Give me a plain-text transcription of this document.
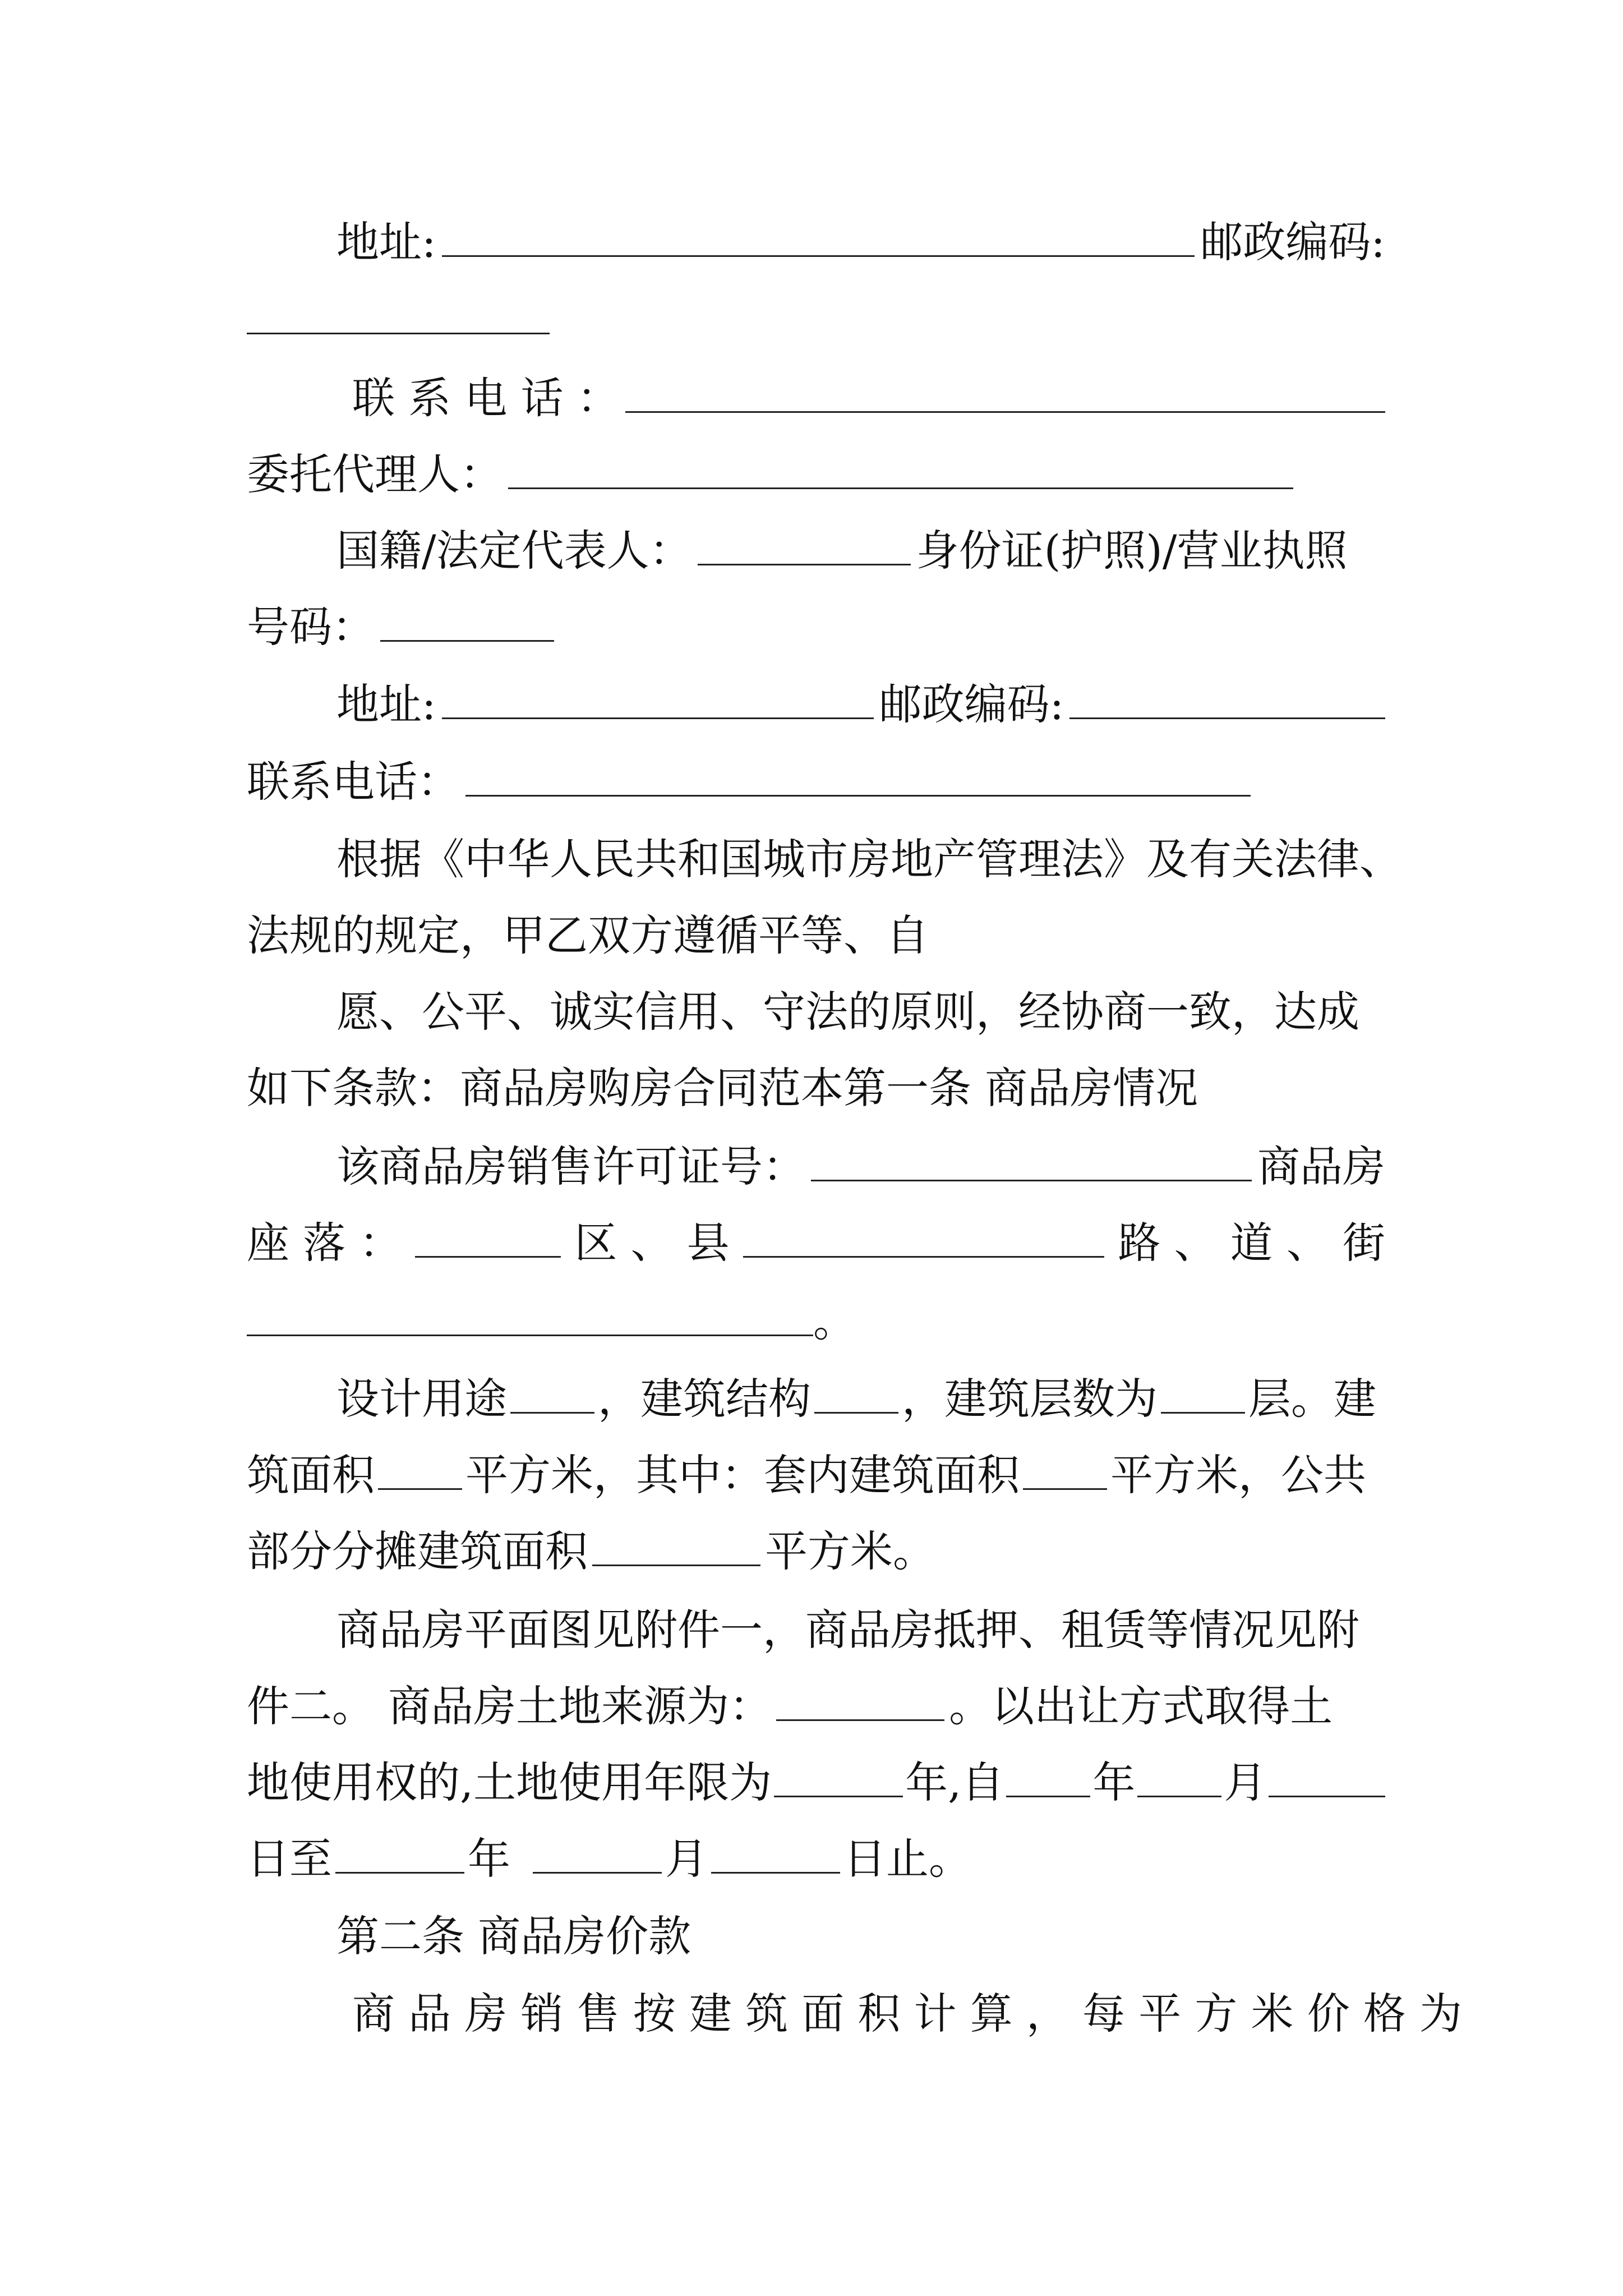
地址:	邮政编码:
联 系 电 话 ：
委托代理人：
国籍/法定代表人：	身份证(护照)/营业执照
号码：
地址:	邮政编码:
联系电话：
根据《中华人民共和国城市房地产管理法》及有关法律、
法规的规定，甲乙双方遵循平等、自
愿、公平、诚实信用、守法的原则，经协商一致，达成
如下条款：商品房购房合同范本第一条 商品房情况
该商品房销售许可证号：	商品房
座 落 ：	区 、 县	路 、 道 、 街
。
设计用途 ，建筑结构 ，建筑层数为 层。建
筑面积 平方米，其中：套内建筑面积 平方米，公共
部分分摊建筑面积	平方米。
商品房平面图见附件一，商品房抵押、租赁等情况见附
件二。 商品房土地来源为：	。以出让方式取得土
地使用权的,土地使用年限为	年,自 年 月
日至	年	月	日止。
第二条 商品房价款
商 品 房 销 售 按 建 筑 面 积 计 算 ， 每 平 方 米 价 格 为
